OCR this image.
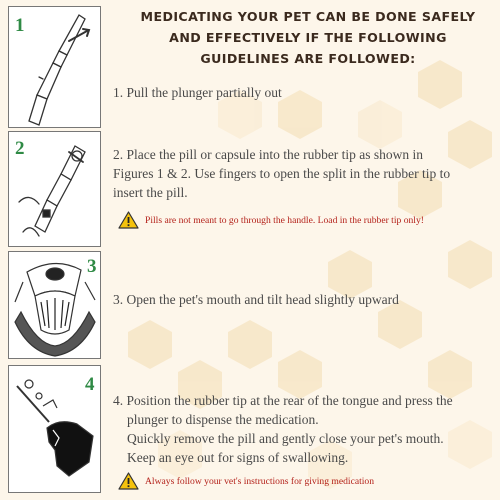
MEDICATING YOUR PET CAN BE DONE SAFELY
AND EFFECTIVELY IF THE FOLLOWING
GUIDELINES ARE FOLLOWED:
1
2
3
4
1. Pull the plunger partially out
2. Place the pill or capsule into the rubber tip as shown in
Figures 1 & 2. Use fingers to open the split in the rubber tip to
insert the pill.
Pills are not meant to go through the handle. Load in the rubber tip only!
3. Open the pet's mouth and tilt head slightly upward
4. Position the rubber tip at the rear of the tongue and press the
plunger to dispense the medication.
Quickly remove the pill and gently close your pet's mouth.
Keep an eye out for signs of swallowing.
Always follow your vet's instructions for giving medication
